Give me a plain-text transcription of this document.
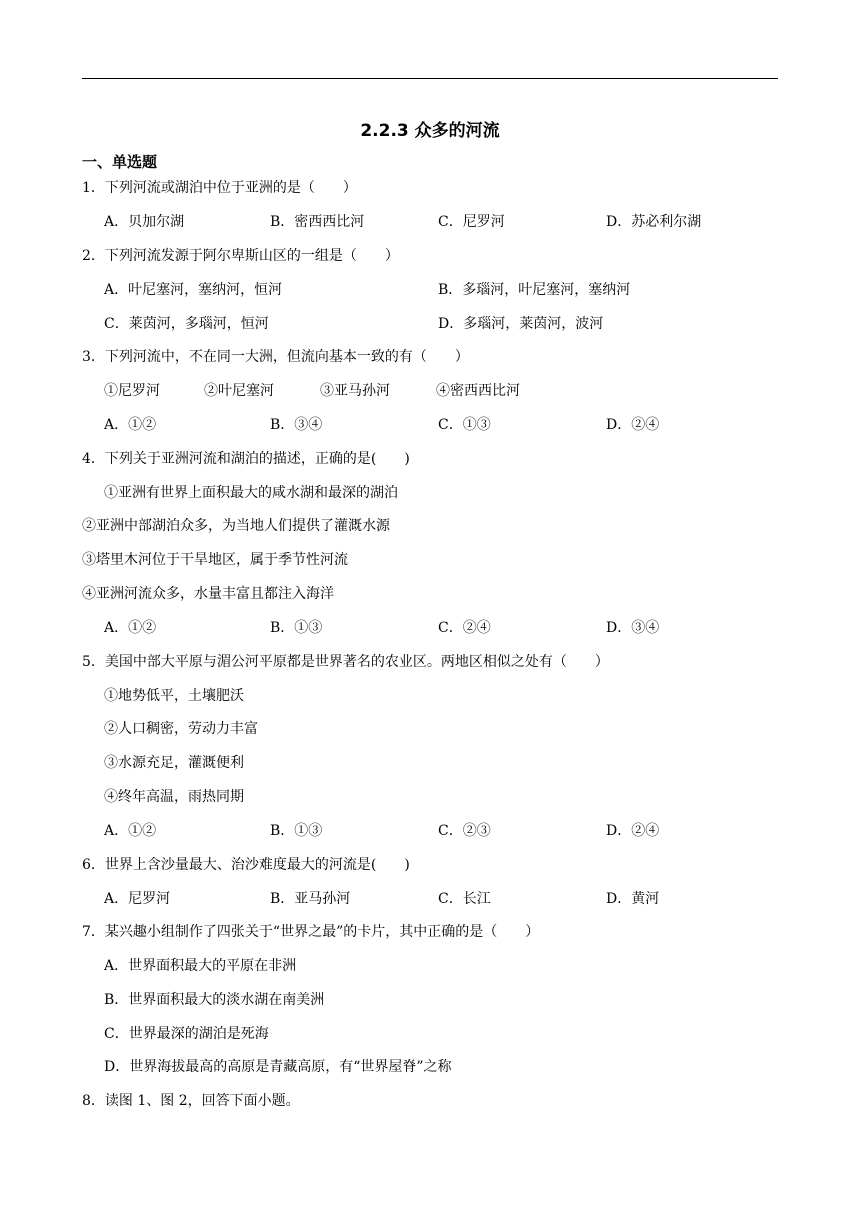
2.2.3 众多的河流
一、单选题
1．下列河流或湖泊中位于亚洲的是（　　）
A．贝加尔湖	B．密西西比河	C．尼罗河	D．苏必利尔湖
2．下列河流发源于阿尔卑斯山区的一组是（　　）
A．叶尼塞河，塞纳河，恒河	B．多瑙河，叶尼塞河，塞纳河
C．莱茵河，多瑙河，恒河	D．多瑙河，莱茵河，波河
3．下列河流中，不在同一大洲，但流向基本一致的有（　　）
①尼罗河	②叶尼塞河	③亚马孙河	④密西西比河
A．①②	B．③④	C．①③	D．②④
4．下列关于亚洲河流和湖泊的描述，正确的是(　　)
①亚洲有世界上面积最大的咸水湖和最深的湖泊
②亚洲中部湖泊众多，为当地人们提供了灌溉水源
③塔里木河位于干旱地区，属于季节性河流
④亚洲河流众多，水量丰富且都注入海洋
A．①②	B．①③	C．②④	D．③④
5．美国中部大平原与湄公河平原都是世界著名的农业区。两地区相似之处有（　　）
①地势低平，土壤肥沃
②人口稠密，劳动力丰富
③水源充足，灌溉便利
④终年高温，雨热同期
A．①②	B．①③	C．②③	D．②④
6．世界上含沙量最大、治沙难度最大的河流是(　　)
A．尼罗河	B．亚马孙河	C．长江	D．黄河
7．某兴趣小组制作了四张关于“世界之最”的卡片，其中正确的是（　　）
A．世界面积最大的平原在非洲
B．世界面积最大的淡水湖在南美洲
C．世界最深的湖泊是死海
D．世界海拔最高的高原是青藏高原，有“世界屋脊”之称
8．读图 1、图 2，回答下面小题。
